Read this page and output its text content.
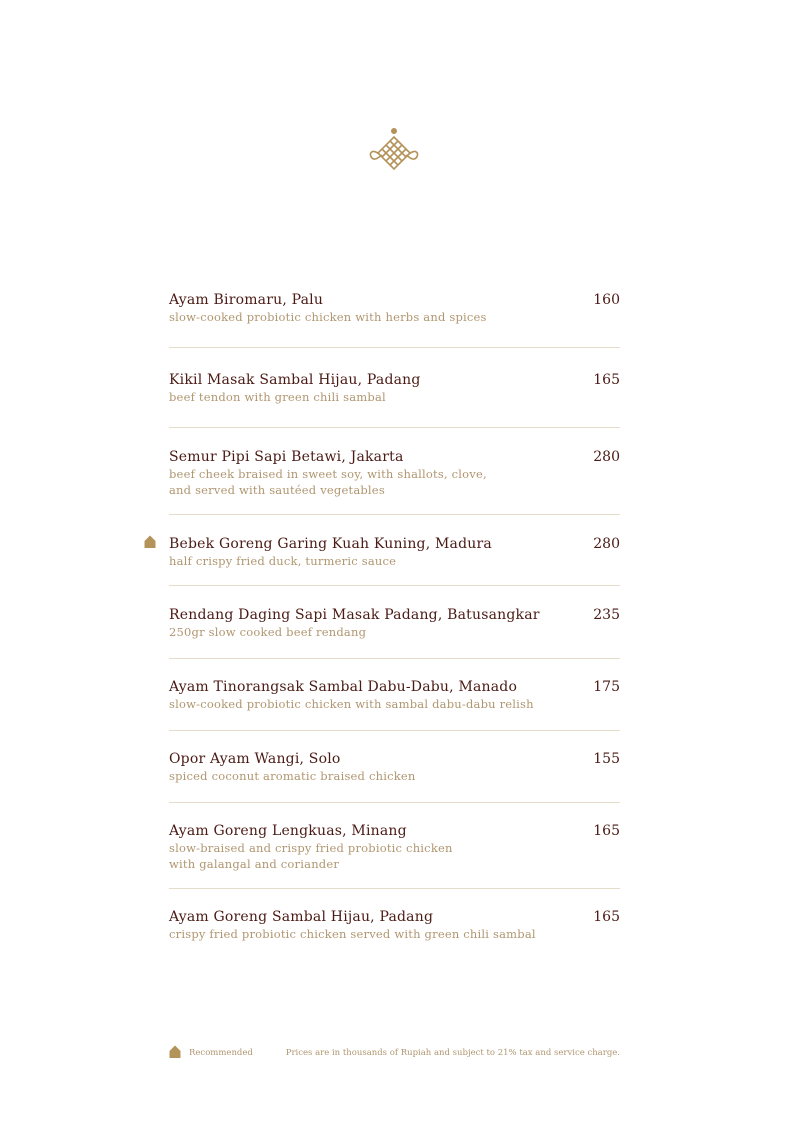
Ayam Biromaru, Palu	160
slow-cooked probiotic chicken with herbs and spices
Kikil Masak Sambal Hijau, Padang	165
beef tendon with green chili sambal
Semur Pipi Sapi Betawi, Jakarta	280
beef cheek braised in sweet soy, with shallots, clove,
and served with sautéed vegetables
Bebek Goreng Garing Kuah Kuning, Madura	280
half crispy fried duck, turmeric sauce
Rendang Daging Sapi Masak Padang, Batusangkar	235
250gr slow cooked beef rendang
Ayam Tinorangsak Sambal Dabu-Dabu, Manado	175
slow-cooked probiotic chicken with sambal dabu-dabu relish
Opor Ayam Wangi, Solo	155
spiced coconut aromatic braised chicken
Ayam Goreng Lengkuas, Minang	165
slow-braised and crispy fried probiotic chicken
with galangal and coriander
Ayam Goreng Sambal Hijau, Padang	165
crispy fried probiotic chicken served with green chili sambal
Recommended	Prices are in thousands of Rupiah and subject to 21% tax and service charge.
